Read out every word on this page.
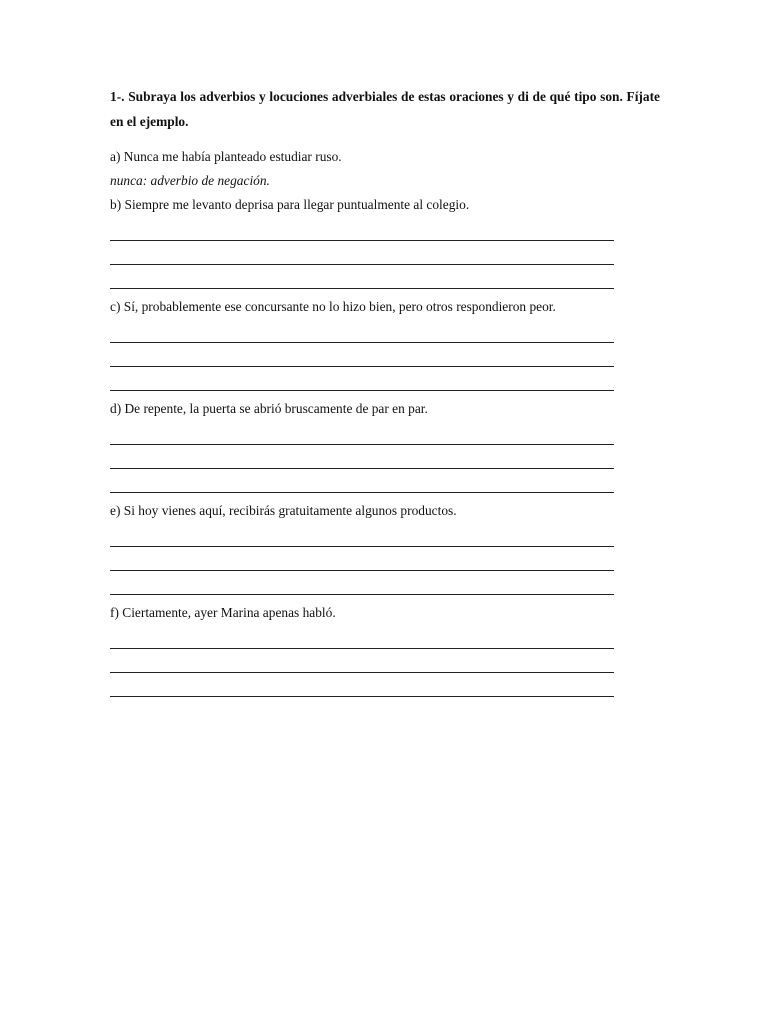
1-. Subraya los adverbios y locuciones adverbiales de estas oraciones y di de qué tipo son. Fíjate en el ejemplo.

a) Nunca me había planteado estudiar ruso.

nunca: adverbio de negación.

b) Siempre me levanto deprisa para llegar puntualmente al colegio.

c) Sí, probablemente ese concursante no lo hizo bien, pero otros respondieron peor.

d) De repente, la puerta se abrió bruscamente de par en par.

e) Si hoy vienes aquí, recibirás gratuitamente algunos productos.

f) Ciertamente, ayer Marina apenas habló.
